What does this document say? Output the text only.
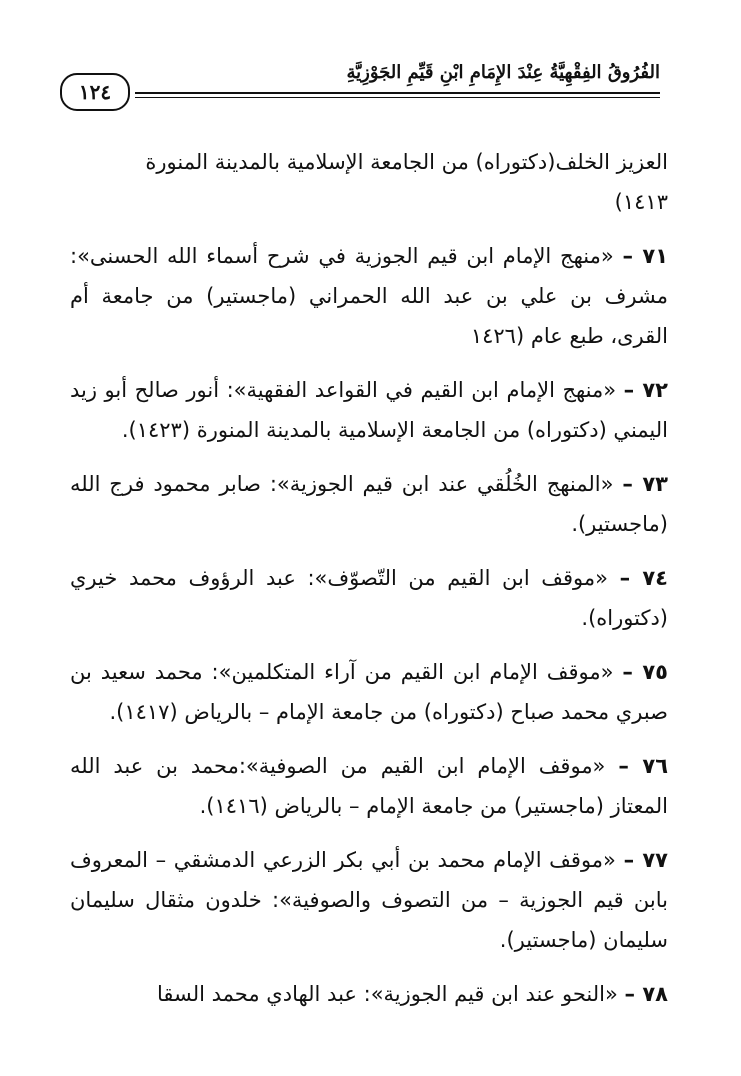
الفُرُوقُ الفِقْهِيَّةُ عِنْدَ الإِمَامِ ابْنِ قَيِّمِ الجَوْزِيَّةِ
١٢٤

العزيز الخلف(دكتوراه) من الجامعة الإسلامية بالمدينة المنورة
١٤١٣)

٧١ – «منهج الإمام ابن قيم الجوزية في شرح أسماء الله الحسنى»: مشرف بن علي بن عبد الله الحمراني (ماجستير) من جامعة أم القرى، طبع عام (١٤٢٦
٧٢ – «منهج الإمام ابن القيم في القواعد الفقهية»: أنور صالح أبو زيد اليمني (دكتوراه) من الجامعة الإسلامية بالمدينة المنورة (١٤٢٣).
٧٣ – «المنهج الخُلُقي عند ابن قيم الجوزية»: صابر محمود فرج الله (ماجستير).
٧٤ – «موقف ابن القيم من التّصوّف»: عبد الرؤوف محمد خيري (دكتوراه).
٧٥ – «موقف الإمام ابن القيم من آراء المتكلمين»: محمد سعيد بن صبري محمد صباح (دكتوراه) من جامعة الإمام – بالرياض (١٤١٧).
٧٦ – «موقف الإمام ابن القيم من الصوفية»:محمد بن عبد الله المعتاز (ماجستير) من جامعة الإمام – بالرياض (١٤١٦).
٧٧ – «موقف الإمام محمد بن أبي بكر الزرعي الدمشقي – المعروف بابن قيم الجوزية – من التصوف والصوفية»: خلدون مثقال سليمان سليمان (ماجستير).
٧٨ – «النحو عند ابن قيم الجوزية»: عبد الهادي محمد السقا
